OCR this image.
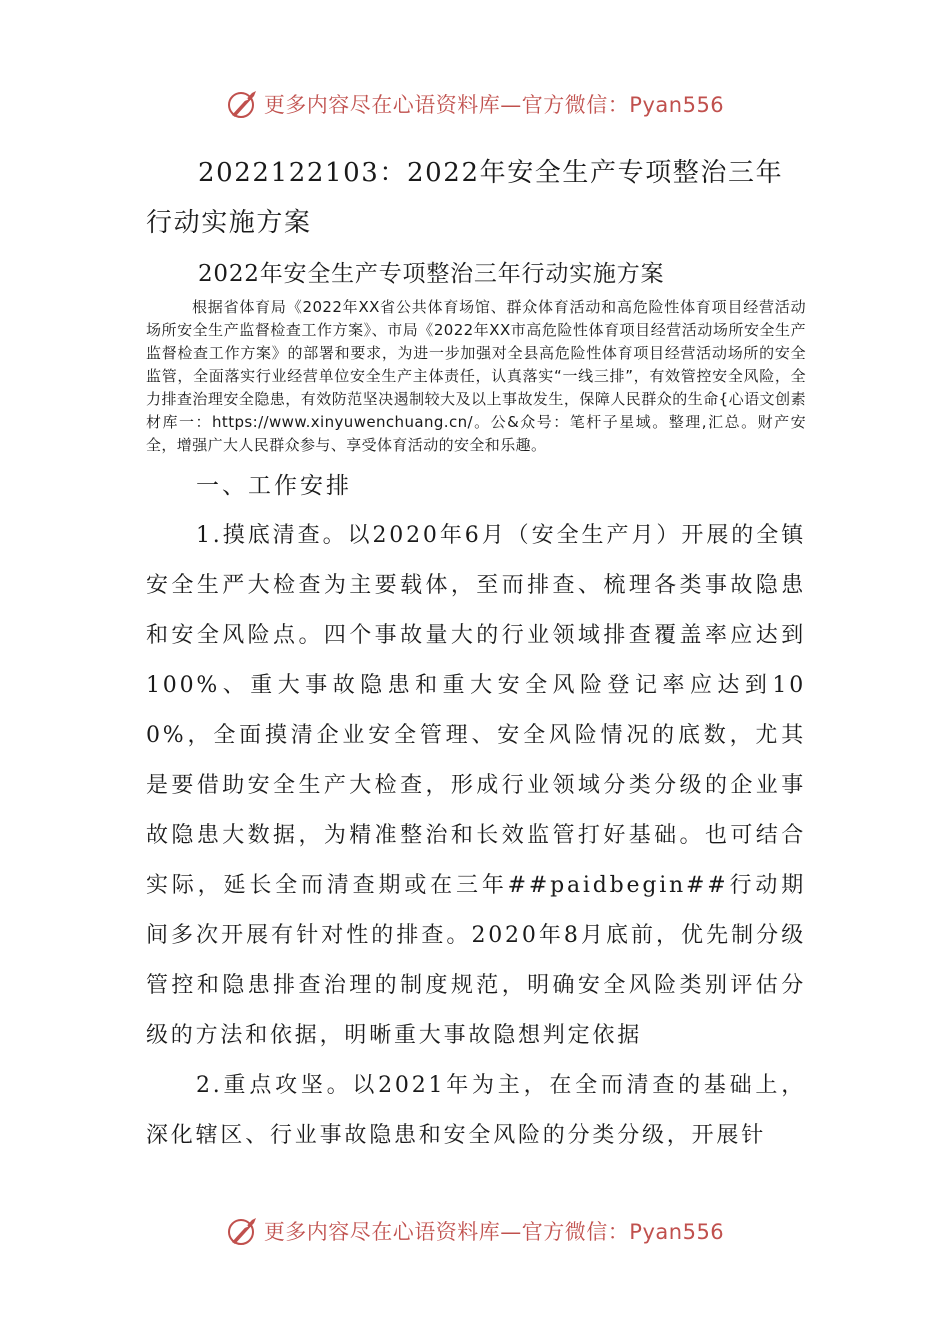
更多内容尽在心语资料库—官方微信：Pyan556
2022122103：2022年安全生产专项整治三年行动实施方案
2022年安全生产专项整治三年行动实施方案

根据省体育局《2022年XX省公共体育场馆、群众体育活动和高危险性体育项目经营活动场所安全生产监督检查工作方案》、市局《2022年XX市高危险性体育项目经营活动场所安全生产监督检查工作方案》的部署和要求，为进一步加强对全县高危险性体育项目经营活动场所的安全监管，全面落实行业经营单位安全生产主体责任，认真落实“一线三排”，有效管控安全风险，全力排查治理安全隐患，有效防范坚决遏制较大及以上事故发生，保障人民群众的生命{心语文创素材库一：https://www.xinyuwenchuang.cn/。公&众号：笔杆子星域。整理,汇总。财产安全，增强广大人民群众参与、享受体育活动的安全和乐趣。

一、工作安排

1.摸底清查。以2020年6月（安全生产月）开展的全镇安全生严大检查为主要载体，至而排查、梳理各类事故隐患和安全风险点。四个事故量大的行业领域排查覆盖率应达到100%、重大事故隐患和重大安全风险登记率应达到100%，全面摸清企业安全管理、安全风险情况的底数，尤其是要借助安全生产大检查，形成行业领域分类分级的企业事故隐患大数据，为精准整治和长效监管打好基础。也可结合实际，延长全而清查期或在三年##paidbegin##行动期间多次开展有针对性的排查。2020年8月底前，优先制分级管控和隐患排查治理的制度规范，明确安全风险类别评估分级的方法和依据，明晰重大事故隐想判定依据

2.重点攻坚。以2021年为主，在全而清查的基础上，深化辖区、行业事故隐患和安全风险的分类分级，开展针

更多内容尽在心语资料库—官方微信：Pyan556
